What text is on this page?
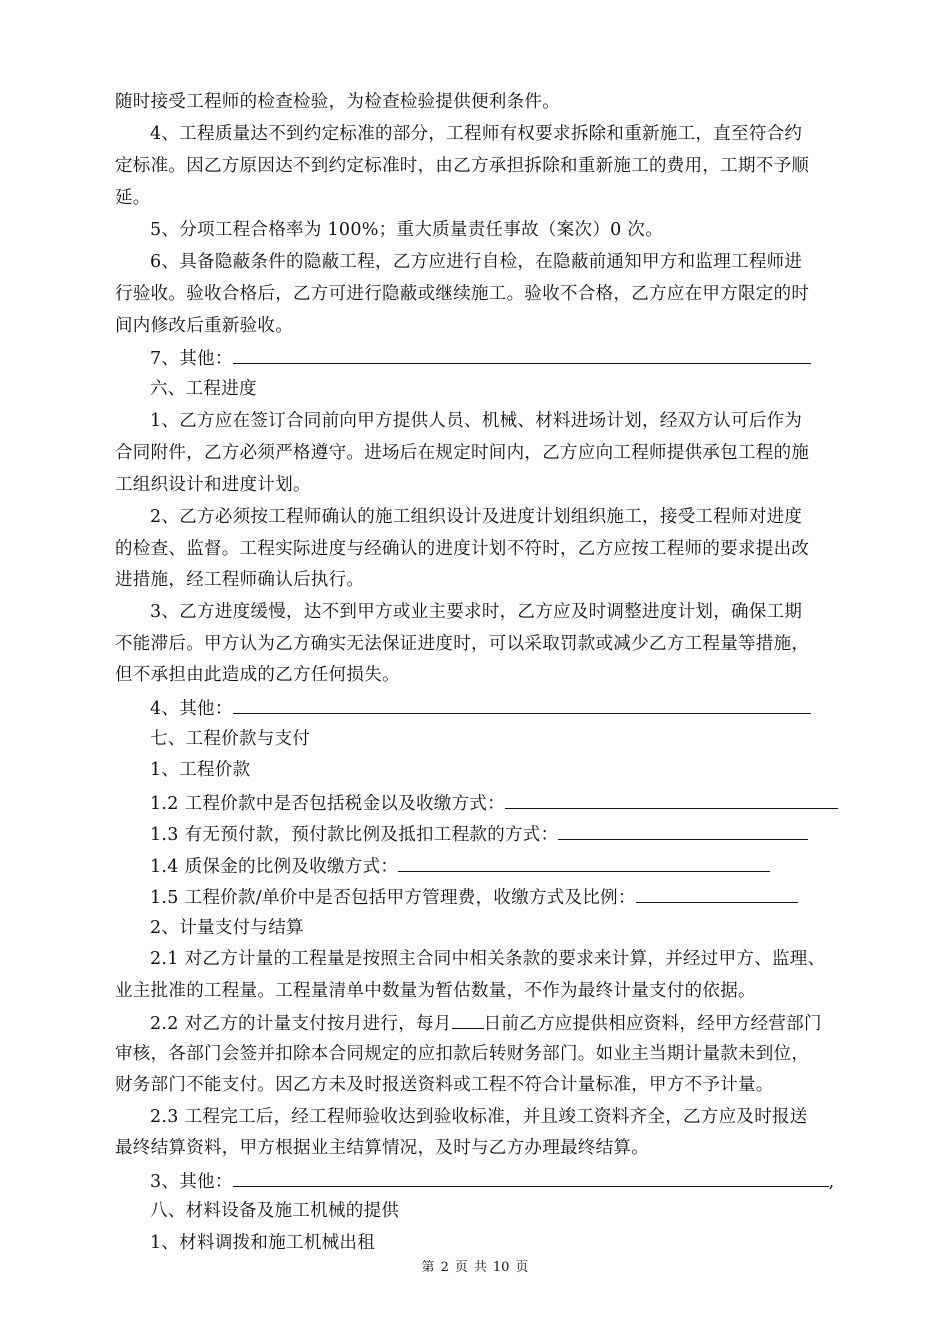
随时接受工程师的检查检验，为检查检验提供便利条件。
4、工程质量达不到约定标准的部分，工程师有权要求拆除和重新施工，直至符合约
定标准。因乙方原因达不到约定标准时，由乙方承担拆除和重新施工的费用，工期不予顺
延。
5、分项工程合格率为 100%；重大质量责任事故（案次）0 次。
6、具备隐蔽条件的隐蔽工程，乙方应进行自检，在隐蔽前通知甲方和监理工程师进
行验收。验收合格后，乙方可进行隐蔽或继续施工。验收不合格，乙方应在甲方限定的时
间内修改后重新验收。
7、其他：
六、工程进度
1、乙方应在签订合同前向甲方提供人员、机械、材料进场计划，经双方认可后作为
合同附件，乙方必须严格遵守。进场后在规定时间内，乙方应向工程师提供承包工程的施
工组织设计和进度计划。
2、乙方必须按工程师确认的施工组织设计及进度计划组织施工，接受工程师对进度
的检查、监督。工程实际进度与经确认的进度计划不符时，乙方应按工程师的要求提出改
进措施，经工程师确认后执行。
3、乙方进度缓慢，达不到甲方或业主要求时，乙方应及时调整进度计划，确保工期
不能滞后。甲方认为乙方确实无法保证进度时，可以采取罚款或减少乙方工程量等措施，
但不承担由此造成的乙方任何损失。
4、其他：
七、工程价款与支付
1、工程价款
1.2 工程价款中是否包括税金以及收缴方式：
1.3 有无预付款，预付款比例及抵扣工程款的方式：
1.4 质保金的比例及收缴方式：
1.5 工程价款/单价中是否包括甲方管理费，收缴方式及比例：
2、计量支付与结算
2.1 对乙方计量的工程量是按照主合同中相关条款的要求来计算，并经过甲方、监理、
业主批准的工程量。工程量清单中数量为暂估数量，不作为最终计量支付的依据。
2.2 对乙方的计量支付按月进行，每月 日前乙方应提供相应资料，经甲方经营部门
审核，各部门会签并扣除本合同规定的应扣款后转财务部门。如业主当期计量款未到位，
财务部门不能支付。因乙方未及时报送资料或工程不符合计量标准，甲方不予计量。
2.3 工程完工后，经工程师验收达到验收标准，并且竣工资料齐全，乙方应及时报送
最终结算资料，甲方根据业主结算情况，及时与乙方办理最终结算。
3、其他：	,
八、材料设备及施工机械的提供
1、材料调拨和施工机械出租
第 2 页 共 10 页
